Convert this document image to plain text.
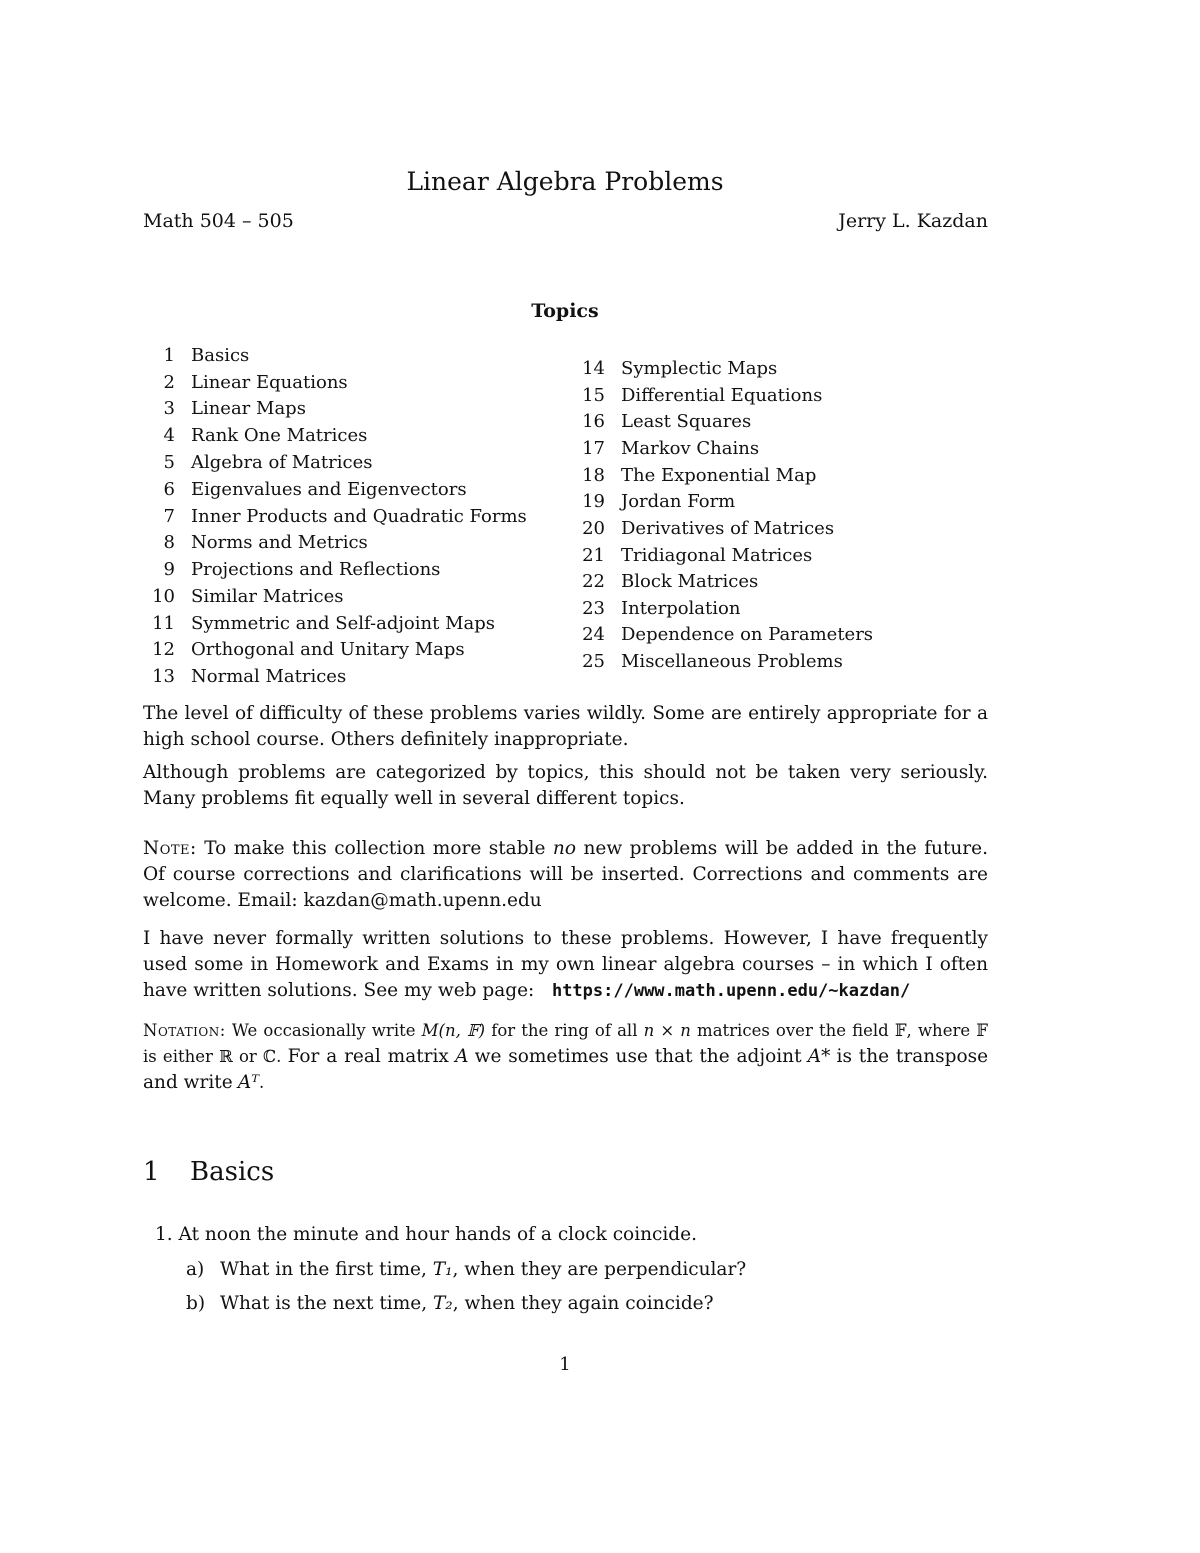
Linear Algebra Problems
Math 504 – 505	Jerry L. Kazdan
Topics
1 Basics
2 Linear Equations
3 Linear Maps
4 Rank One Matrices
5 Algebra of Matrices
6 Eigenvalues and Eigenvectors
7 Inner Products and Quadratic Forms
8 Norms and Metrics
9 Projections and Reflections
10 Similar Matrices
11 Symmetric and Self-adjoint Maps
12 Orthogonal and Unitary Maps
13 Normal Matrices
14 Symplectic Maps
15 Differential Equations
16 Least Squares
17 Markov Chains
18 The Exponential Map
19 Jordan Form
20 Derivatives of Matrices
21 Tridiagonal Matrices
22 Block Matrices
23 Interpolation
24 Dependence on Parameters
25 Miscellaneous Problems

The level of difficulty of these problems varies wildly. Some are entirely appropriate for a high school course. Others definitely inappropriate.

Although problems are categorized by topics, this should not be taken very seriously. Many problems fit equally well in several different topics.

Note: To make this collection more stable no new problems will be added in the future. Of course corrections and clarifications will be inserted. Corrections and comments are welcome. Email: kazdan@math.upenn.edu

I have never formally written solutions to these problems. However, I have frequently used some in Homework and Exams in my own linear algebra courses – in which I often have written solutions. See my web page: https://www.math.upenn.edu/~kazdan/

Notation: We occasionally write M(n, 𝔽) for the ring of all n × n matrices over the field 𝔽, where 𝔽 is either ℝ or ℂ. For a real matrix A we sometimes use that the adjoint A* is the transpose and write Aᵀ.

1 Basics
1. At noon the minute and hour hands of a clock coincide.
a) What in the first time, T₁, when they are perpendicular?
b) What is the next time, T₂, when they again coincide?
1
